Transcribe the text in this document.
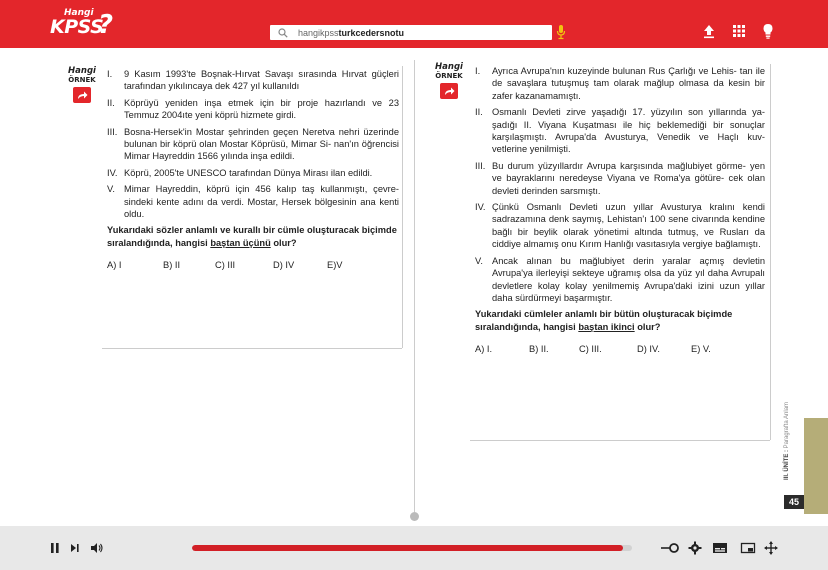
Hangi
KPSS
?	hangikpss turkcedersnotu
Hangi
ÖRNEK
I. 9 Kasım 1993'te Boşnak-Hırvat Savaşı sırasında Hırvat güçleri tarafından yıkılıncaya dek 427 yıl kullanıldı
II. Köprüyü yeniden inşa etmek için bir proje hazırlandı ve 23 Temmuz 2004ıte yeni köprü hizmete girdi.
III. Bosna-Hersek'in Mostar şehrinden geçen Neretva nehri üzerinde bulunan bir köprü olan Mostar Köprüsü, Mimar Si- nan'ın öğrencisi Mimar Hayreddin 1566 yılında inşa edildi.
IV. Köprü, 2005'te UNESCO tarafından Dünya Mirası ilan edildi.
V. Mimar Hayreddin, köprü için 456 kalıp taş kullanmıştı, çevre- sindeki kente adını da verdi. Mostar, Hersek bölgesinin ana kenti oldu.

Yukarıdaki sözler anlamlı ve kurallı bir cümle oluşturacak biçimde sıralandığında, hangisi baştan üçünü olur?

A) I	B) II	C) III	D) IV	E)V
Hangi
ÖRNEK	I. Ayrıca Avrupa'nın kuzeyinde bulunan Rus Çarlığı ve Lehis- tan ile de savaşlara tutuşmuş tam olarak mağlup olmasa da kesin bir zafer kazanamamıştı.
II. Osmanlı Devleti zirve yaşadığı 17. yüzyılın son yıllarında ya- şadığı II. Viyana Kuşatması ile hiç beklemediği bir sonuçlar karşılaşmıştı. Avrupa'da Avusturya, Venedik ve Haçlı kuv- vetlerine yenilmişti.
III. Bu durum yüzyıllardır Avrupa karşısında mağlubiyet görme- yen ve bayraklarını neredeyse Viyana ve Roma'ya götüre- cek olan devleti derinden sarsmıştı.
IV. Çünkü Osmanlı Devleti uzun yıllar Avusturya kralını kendi sadrazamına denk saymış, Lehistan'ı 100 sene civarında kendine bağlı bir beylik olarak yönetimi altında tutmuş, ve Rusları da ciddiye almamış onu Kırım Hanlığı vasıtasıyla vergiye bağlamıştı.
V. Ancak alınan bu mağlubiyet derin yaralar açmış devletin Avrupa'ya ilerleyişi sekteye uğramış olsa da yüz yıl daha Avrupalı devletlere kolay kolay yenilmemiş Avrupa'daki izini uzun yıllar daha sürdürmeyi başarmıştır.

Yukarıdaki cümleler anlamlı bir bütün oluşturacak biçimde sıralandığında, hangisi baştan ikinci olur?

A) I.	B) II.	C) III.	D) IV.	E) V.
III. ÜNİTE : Paragrafta Anlam
45
